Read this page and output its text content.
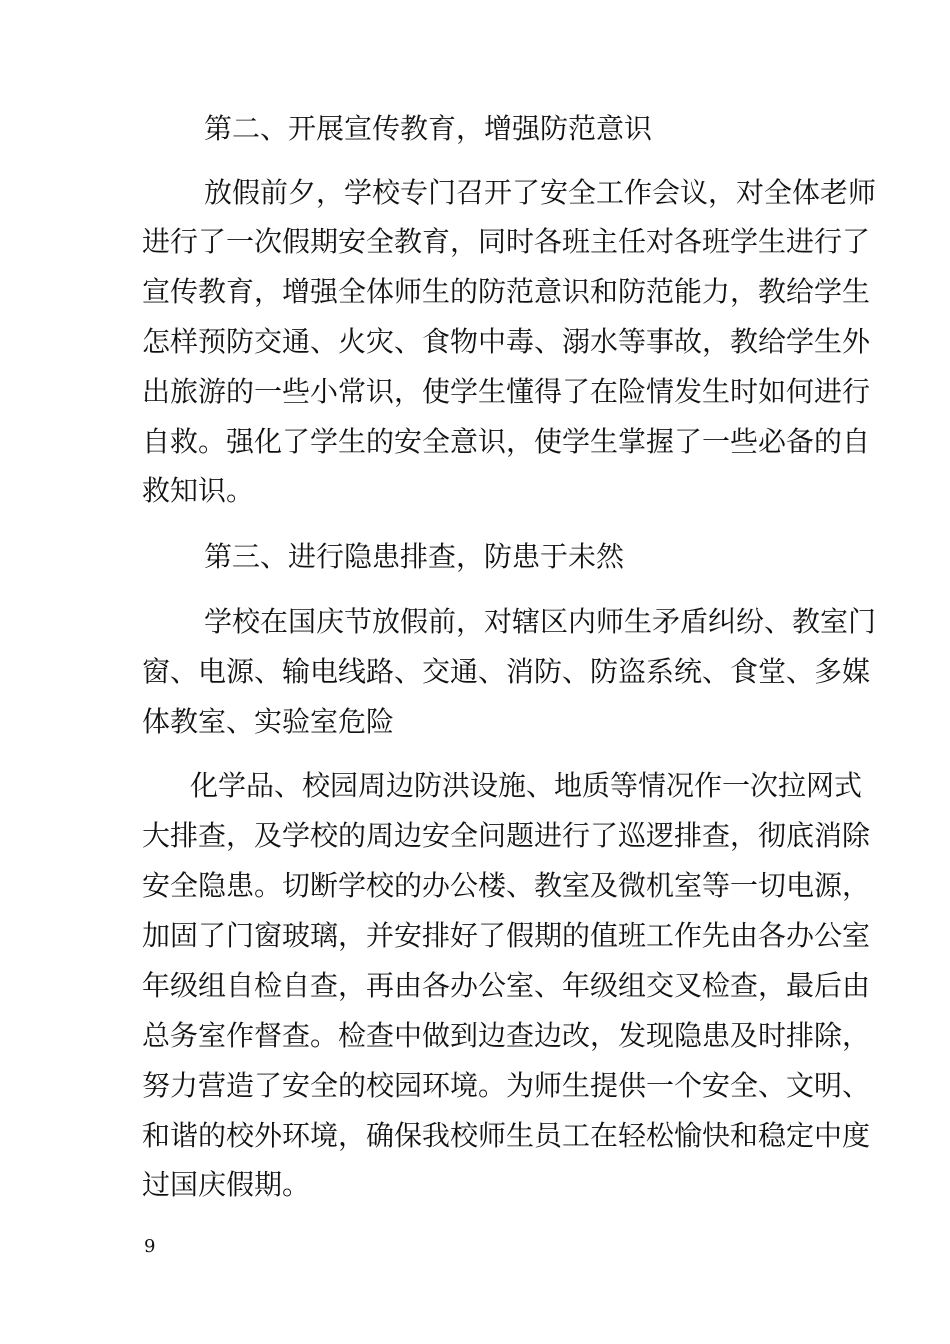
第二、开展宣传教育，增强防范意识

放假前夕，学校专门召开了安全工作会议，对全体老师

进行了一次假期安全教育，同时各班主任对各班学生进行了

宣传教育，增强全体师生的防范意识和防范能力，教给学生

怎样预防交通、火灾、食物中毒、溺水等事故，教给学生外

出旅游的一些小常识，使学生懂得了在险情发生时如何进行

自救。强化了学生的安全意识，使学生掌握了一些必备的自

救知识。

第三、进行隐患排查，防患于未然

学校在国庆节放假前，对辖区内师生矛盾纠纷、教室门

窗、电源、输电线路、交通、消防、防盗系统、食堂、多媒

体教室、实验室危险

化学品、校园周边防洪设施、地质等情况作一次拉网式

大排查，及学校的周边安全问题进行了巡逻排查，彻底消除

安全隐患。切断学校的办公楼、教室及微机室等一切电源，

加固了门窗玻璃，并安排好了假期的值班工作先由各办公室

年级组自检自查，再由各办公室、年级组交叉检查，最后由

总务室作督查。检查中做到边查边改，发现隐患及时排除，

努力营造了安全的校园环境。为师生提供一个安全、文明、

和谐的校外环境，确保我校师生员工在轻松愉快和稳定中度

过国庆假期。

9
